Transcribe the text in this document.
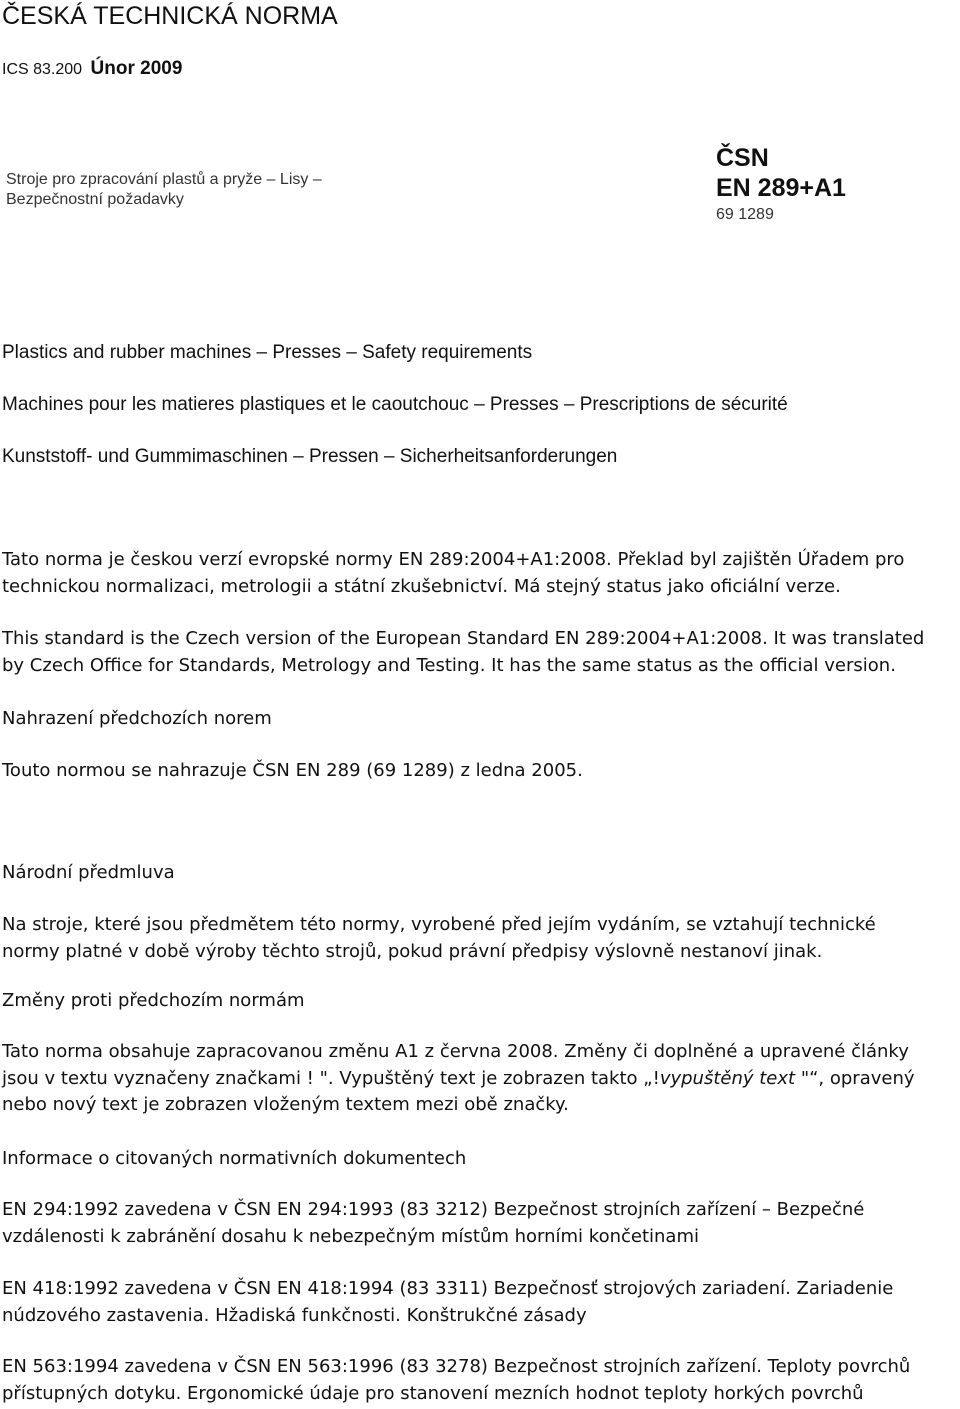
ČESKÁ TECHNICKÁ NORMA
ICS 83.200 Únor 2009
Stroje pro zpracování plastů a pryže – Lisy –
Bezpečnostní požadavky
ČSN
EN 289+A1
69 1289
Plastics and rubber machines – Presses – Safety requirements
Machines pour les matieres plastiques et le caoutchouc – Presses – Prescriptions de sécurité
Kunststoff- und Gummimaschinen – Pressen – Sicherheitsanforderungen

Tato norma je českou verzí evropské normy EN 289:2004+A1:2008. Překlad byl zajištěn Úřadem pro

technickou normalizaci, metrologii a státní zkušebnictví. Má stejný status jako oficiální verze.

This standard is the Czech version of the European Standard EN 289:2004+A1:2008. It was translated

by Czech Office for Standards, Metrology and Testing. It has the same status as the official version.

Nahrazení předchozích norem
Touto normou se nahrazuje ČSN EN 289 (69 1289) z ledna 2005.
Národní předmluva

Na stroje, které jsou předmětem této normy, vyrobené před jejím vydáním, se vztahují technické

normy platné v době výroby těchto strojů, pokud právní předpisy výslovně nestanoví jinak.

Změny proti předchozím normám

Tato norma obsahuje zapracovanou změnu A1 z června 2008. Změny či doplněné a upravené články

jsou v textu vyznačeny značkami ! ". Vypuštěný text je zobrazen takto „!vypuštěný text "“, opravený

nebo nový text je zobrazen vloženým textem mezi obě značky.

Informace o citovaných normativních dokumentech

EN 294:1992 zavedena v ČSN EN 294:1993 (83 3212) Bezpečnost strojních zařízení – Bezpečné

vzdálenosti k zabránění dosahu k nebezpečným místům horními končetinami

EN 418:1992 zavedena v ČSN EN 418:1994 (83 3311) Bezpečnosť strojových zariadení. Zariadenie

núdzového zastavenia. Hžadiská funkčnosti. Konštrukčné zásady

EN 563:1994 zavedena v ČSN EN 563:1996 (83 3278) Bezpečnost strojních zařízení. Teploty povrchů

přístupných dotyku. Ergonomické údaje pro stanovení mezních hodnot teploty horkých povrchů
